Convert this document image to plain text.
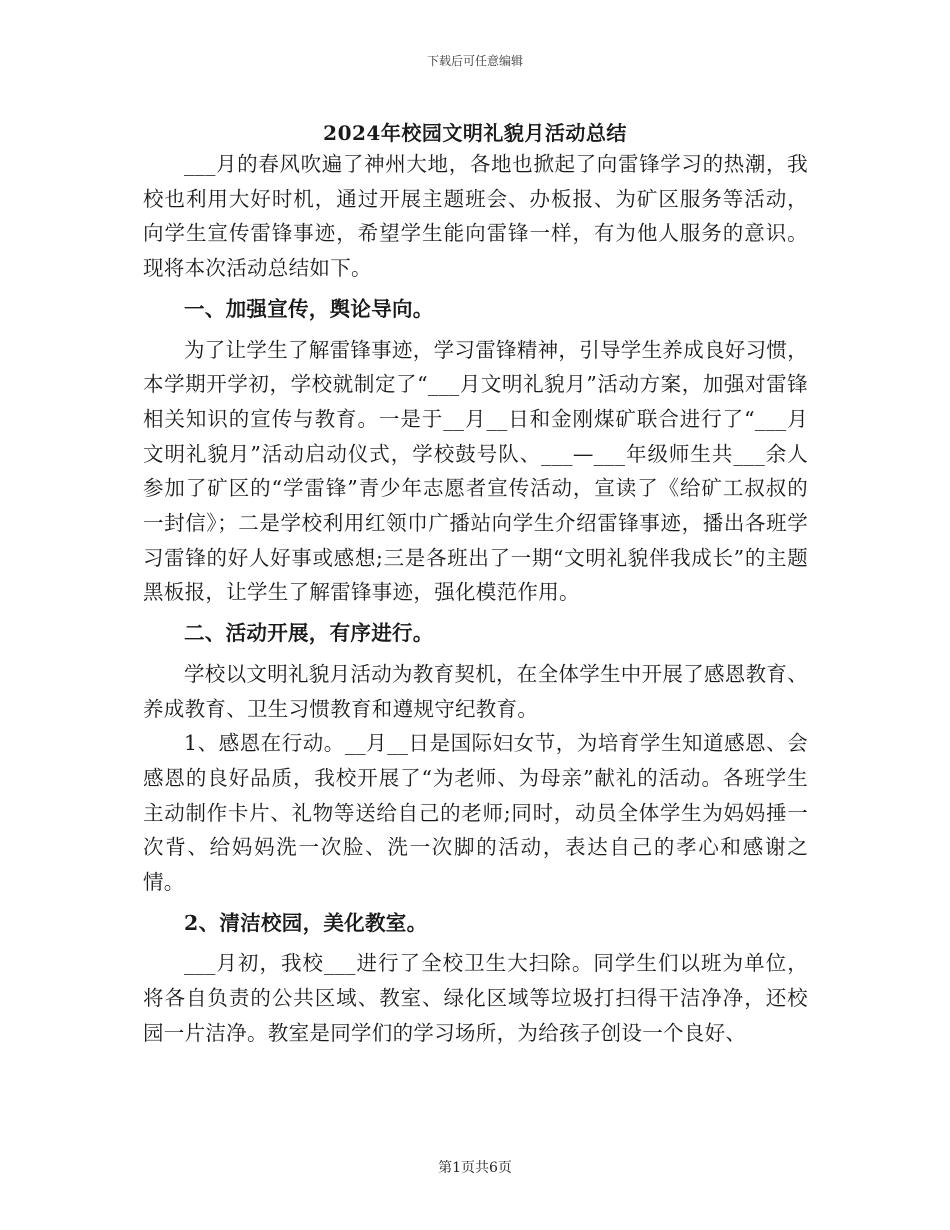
下载后可任意编辑
2024年校园文明礼貌月活动总结

___月的春风吹遍了神州大地，各地也掀起了向雷锋学习的热潮，我校也利用大好时机，通过开展主题班会、办板报、为矿区服务等活动，向学生宣传雷锋事迹，希望学生能向雷锋一样，有为他人服务的意识。现将本次活动总结如下。

一、加强宣传，舆论导向。

为了让学生了解雷锋事迹，学习雷锋精神，引导学生养成良好习惯，本学期开学初，学校就制定了“___月文明礼貌月”活动方案，加强对雷锋相关知识的宣传与教育。一是于__月__日和金刚煤矿联合进行了“___月文明礼貌月”活动启动仪式，学校鼓号队、___—___年级师生共___余人参加了矿区的“学雷锋”青少年志愿者宣传活动，宣读了《给矿工叔叔的一封信》；二是学校利用红领巾广播站向学生介绍雷锋事迹，播出各班学习雷锋的好人好事或感想;三是各班出了一期“文明礼貌伴我成长”的主题黑板报，让学生了解雷锋事迹，强化模范作用。

二、活动开展，有序进行。

学校以文明礼貌月活动为教育契机，在全体学生中开展了感恩教育、养成教育、卫生习惯教育和遵规守纪教育。

1、感恩在行动。__月__日是国际妇女节，为培育学生知道感恩、会感恩的良好品质，我校开展了“为老师、为母亲”献礼的活动。各班学生主动制作卡片、礼物等送给自己的老师;同时，动员全体学生为妈妈捶一次背、给妈妈洗一次脸、洗一次脚的活动，表达自己的孝心和感谢之情。

2、清洁校园，美化教室。

___月初，我校___进行了全校卫生大扫除。同学生们以班为单位，将各自负责的公共区域、教室、绿化区域等垃圾打扫得干洁净净，还校园一片洁净。教室是同学们的学习场所，为给孩子创设一个良好、

第1页共6页
